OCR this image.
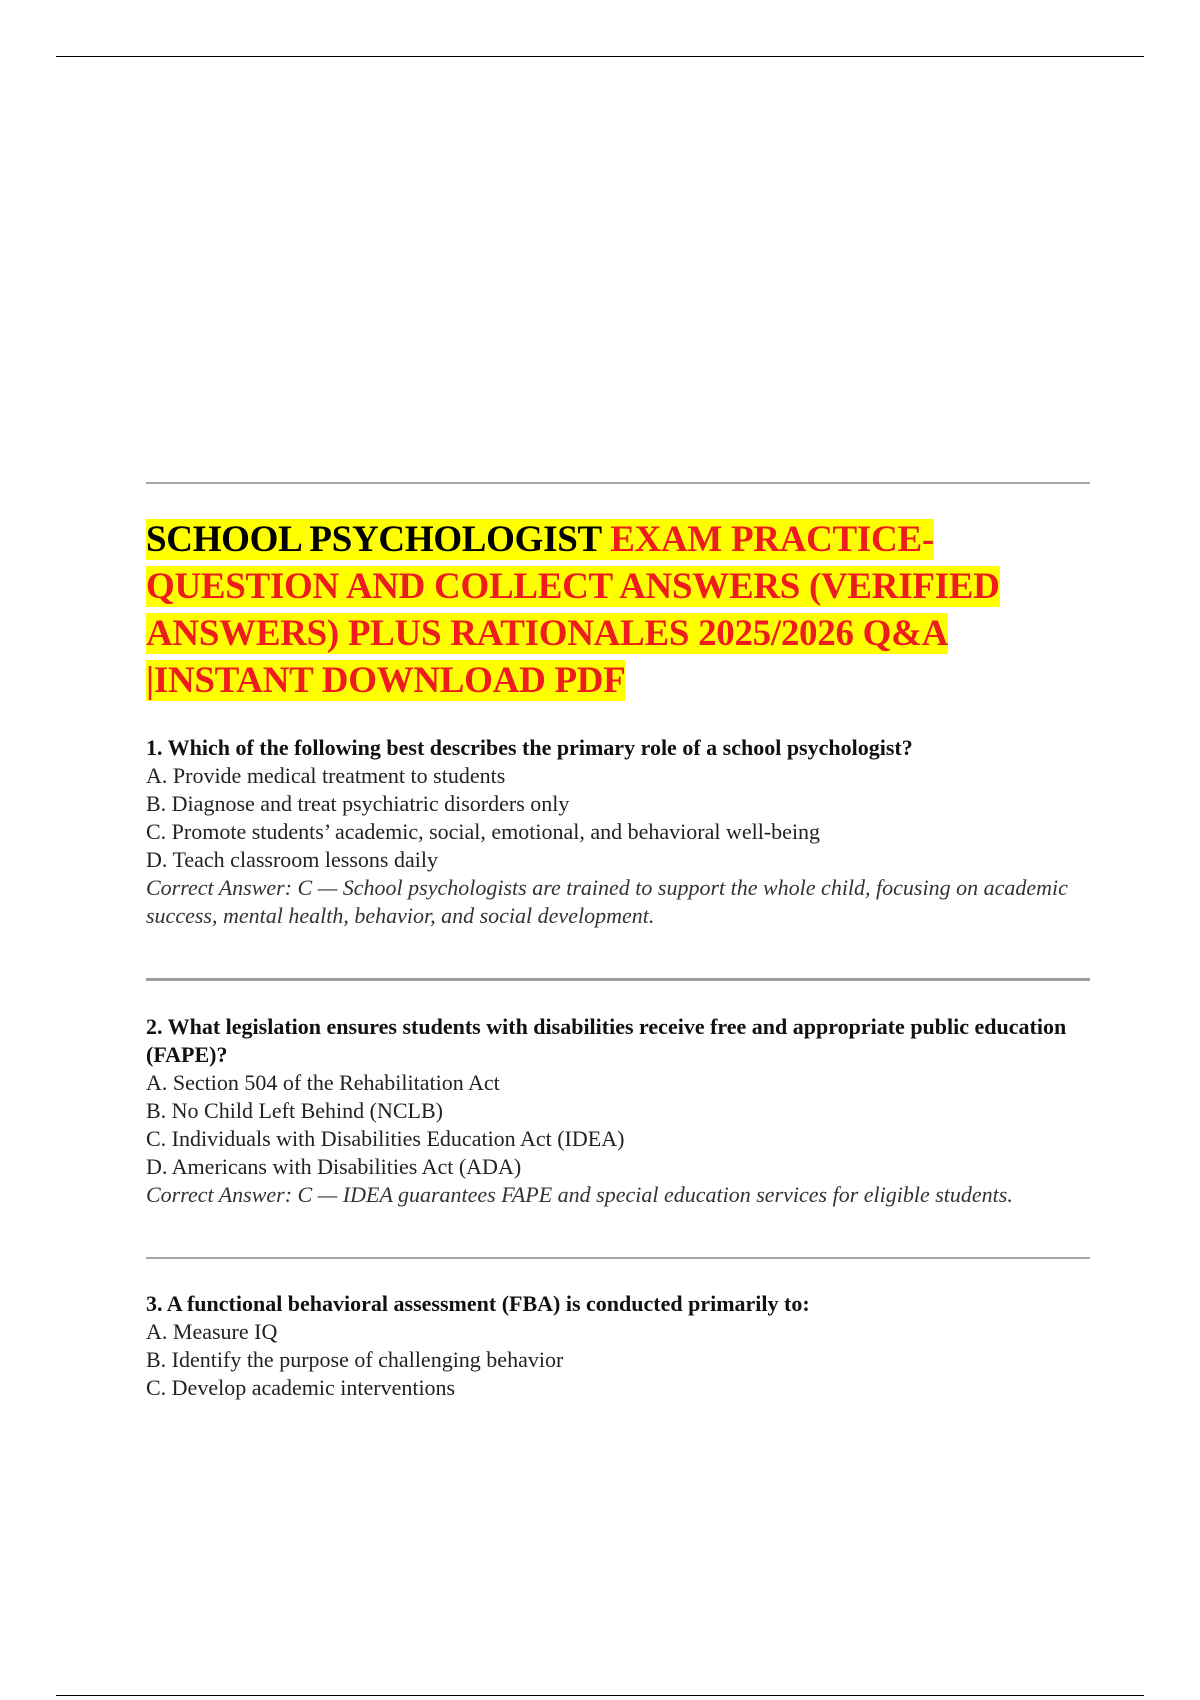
SCHOOL PSYCHOLOGIST EXAM PRACTICE-QUESTION AND COLLECT ANSWERS (VERIFIED ANSWERS) PLUS RATIONALES 2025/2026 Q&A |INSTANT DOWNLOAD PDF
1. Which of the following best describes the primary role of a school psychologist?
A. Provide medical treatment to students
B. Diagnose and treat psychiatric disorders only
C. Promote students’ academic, social, emotional, and behavioral well-being
D. Teach classroom lessons daily
Correct Answer: C — School psychologists are trained to support the whole child, focusing on academic success, mental health, behavior, and social development.
2. What legislation ensures students with disabilities receive free and appropriate public education (FAPE)?
A. Section 504 of the Rehabilitation Act
B. No Child Left Behind (NCLB)
C. Individuals with Disabilities Education Act (IDEA)
D. Americans with Disabilities Act (ADA)
Correct Answer: C — IDEA guarantees FAPE and special education services for eligible students.
3. A functional behavioral assessment (FBA) is conducted primarily to:
A. Measure IQ
B. Identify the purpose of challenging behavior
C. Develop academic interventions
